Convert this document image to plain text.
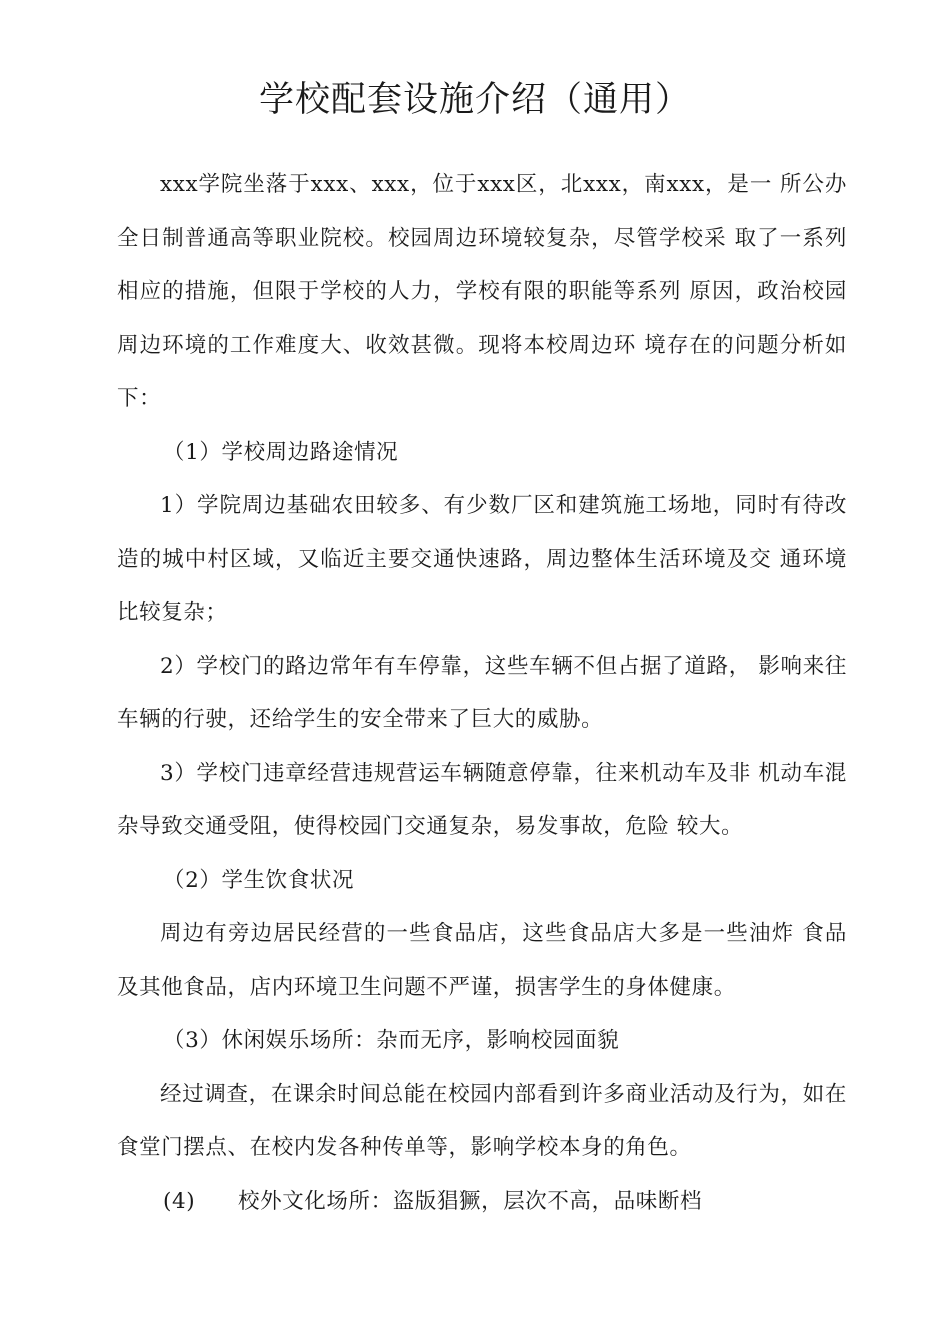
学校配套设施介绍（通用）

xxx学院坐落于xxx、xxx，位于xxx区，北xxx，南xxx，是一 所公办全日制普通高等职业院校。校园周边环境较复杂，尽管学校采 取了一系列相应的措施，但限于学校的人力，学校有限的职能等系列 原因，政治校园周边环境的工作难度大、收效甚微。现将本校周边环 境存在的问题分析如下：

（1）学校周边路途情况

1）学院周边基础农田较多、有少数厂区和建筑施工场地，同时有待改造的城中村区域，又临近主要交通快速路，周边整体生活环境及交 通环境比较复杂；

2）学校门的路边常年有车停靠，这些车辆不但占据了道路， 影响来往车辆的行驶，还给学生的安全带来了巨大的威胁。

3）学校门违章经营违规营运车辆随意停靠，往来机动车及非 机动车混杂导致交通受阻，使得校园门交通复杂，易发事故，危险 较大。

（2）学生饮食状况

周边有旁边居民经营的一些食品店，这些食品店大多是一些油炸 食品及其他食品，店内环境卫生问题不严谨，损害学生的身体健康。

（3）休闲娱乐场所：杂而无序，影响校园面貌

经过调查，在课余时间总能在校园内部看到许多商业活动及行为，如在食堂门摆点、在校内发各种传单等，影响学校本身的角色。

(4) 校外文化场所：盗版猖獗，层次不高，品味断档
